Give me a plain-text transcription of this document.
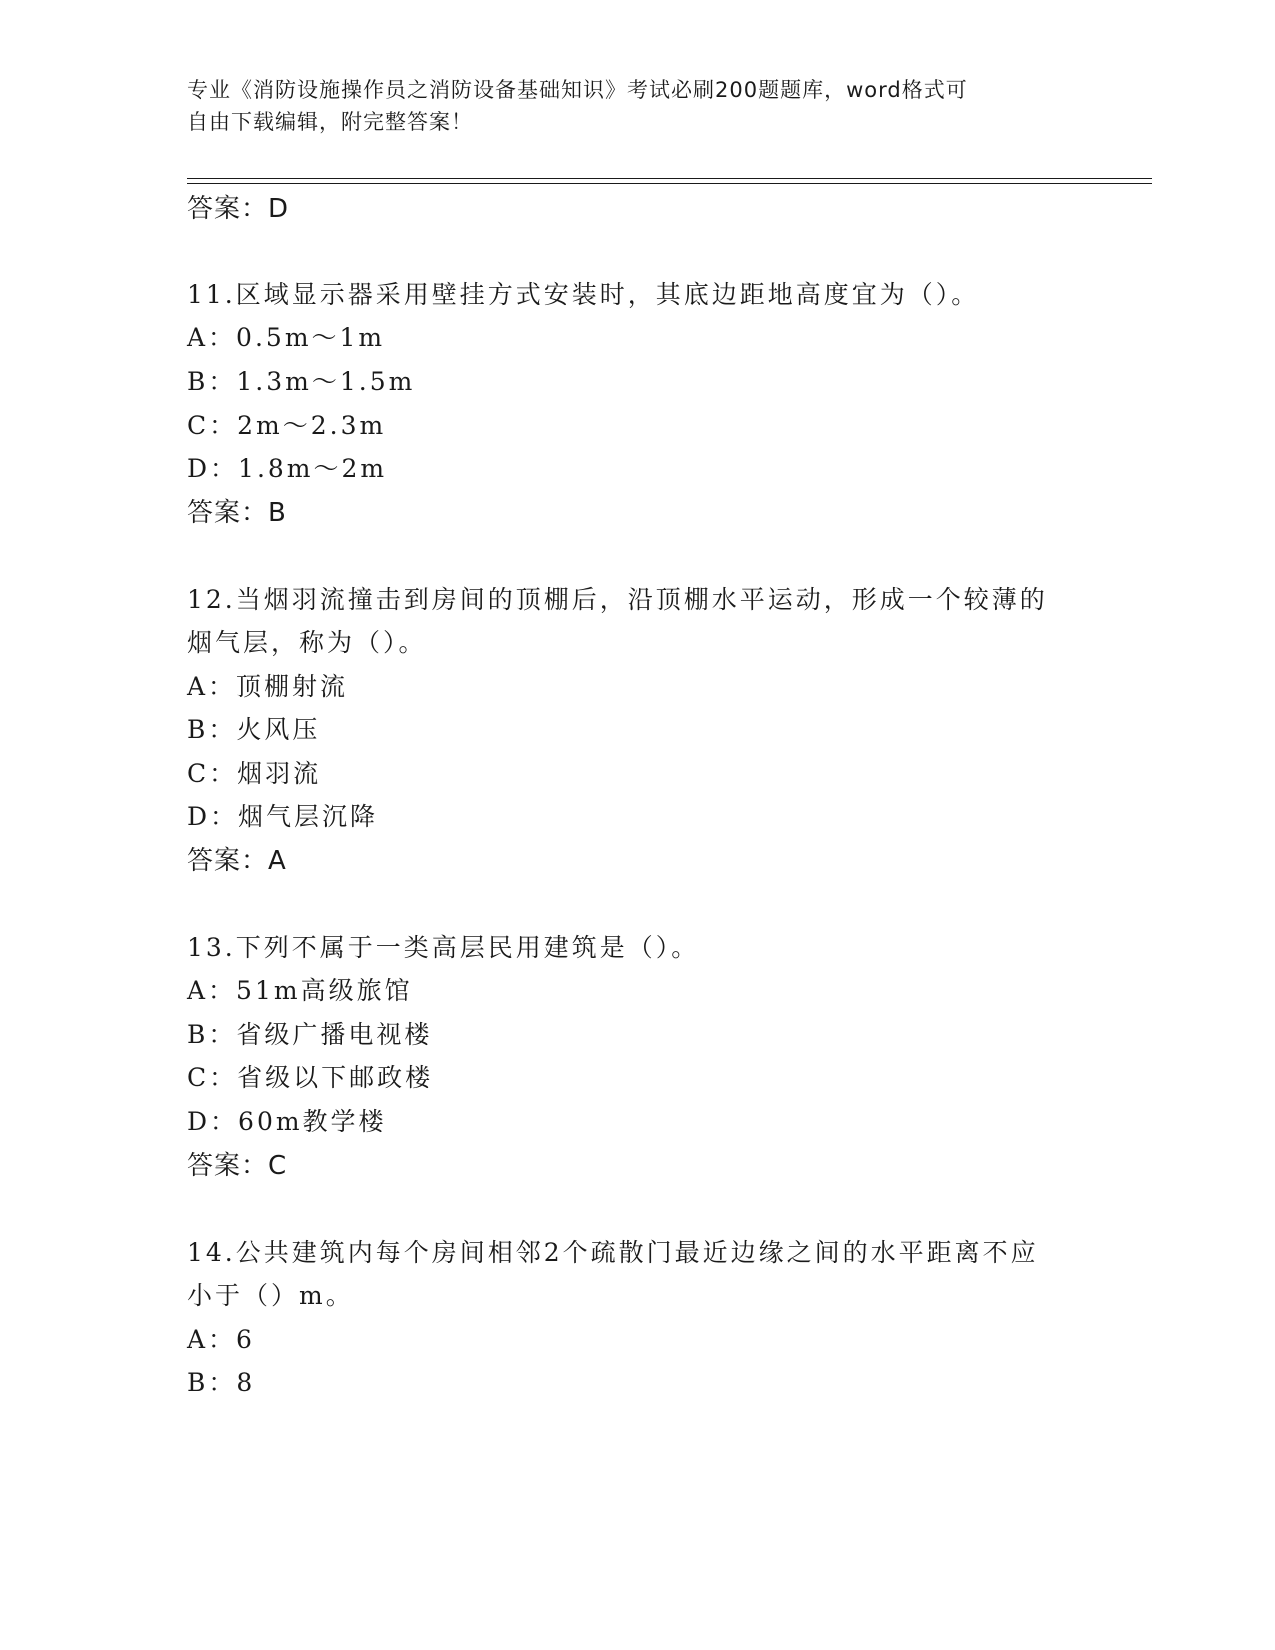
专业《消防设施操作员之消防设备基础知识》考试必刷200题题库，word格式可
自由下载编辑，附完整答案！
答案：D
11.区域显示器采用壁挂方式安装时，其底边距地高度宜为（）。
A：0.5m～1m
B：1.3m～1.5m
C：2m～2.3m
D：1.8m～2m
答案：B
12.当烟羽流撞击到房间的顶棚后，沿顶棚水平运动，形成一个较薄的
烟气层，称为（）。
A：顶棚射流
B：火风压
C：烟羽流
D：烟气层沉降
答案：A
13.下列不属于一类高层民用建筑是（）。
A：51m高级旅馆
B：省级广播电视楼
C：省级以下邮政楼
D：60m教学楼
答案：C
14.公共建筑内每个房间相邻2个疏散门最近边缘之间的水平距离不应
小于（）m。
A：6
B：8
